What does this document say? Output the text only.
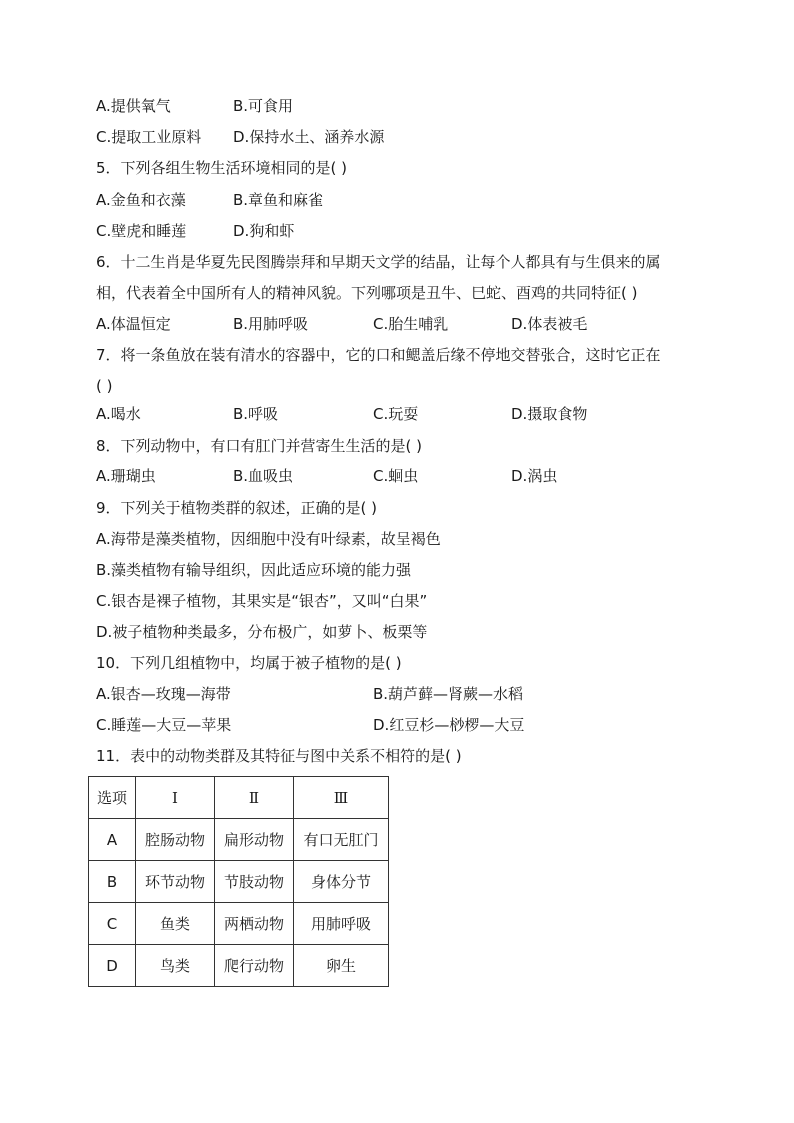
A.提供氧气	B.可食用
C.提取工业原料 D.保持水土、涵养水源
5．下列各组生物生活环境相同的是( )
A.金鱼和衣藻	B.章鱼和麻雀
C.壁虎和睡莲	D.狗和虾
6．十二生肖是华夏先民图腾崇拜和早期天文学的结晶，让每个人都具有与生俱来的属
相，代表着全中国所有人的精神风貌。下列哪项是丑牛、巳蛇、酉鸡的共同特征( )
A.体温恒定	B.用肺呼吸	C.胎生哺乳	D.体表被毛
7．将一条鱼放在装有清水的容器中，它的口和鳃盖后缘不停地交替张合，这时它正在
( )
A.喝水	B.呼吸	C.玩耍	D.摄取食物
8．下列动物中，有口有肛门并营寄生生活的是( )
A.珊瑚虫	B.血吸虫	C.蛔虫	D.涡虫
9．下列关于植物类群的叙述，正确的是( )
A.海带是藻类植物，因细胞中没有叶绿素，故呈褐色
B.藻类植物有输导组织，因此适应环境的能力强
C.银杏是裸子植物，其果实是“银杏”，又叫“白果”
D.被子植物种类最多，分布极广，如萝卜、板栗等
10．下列几组植物中，均属于被子植物的是( )
A.银杏—玫瑰—海带	B.葫芦藓—肾蕨—水稻
C.睡莲—大豆—苹果	D.红豆杉—桫椤—大豆
11．表中的动物类群及其特征与图中关系不相符的是( )
选项	Ⅰ	Ⅱ	Ⅲ
A	腔肠动物	扁形动物	有口无肛门
B	环节动物	节肢动物	身体分节
C	鱼类	两栖动物	用肺呼吸
D	鸟类	爬行动物	卵生
